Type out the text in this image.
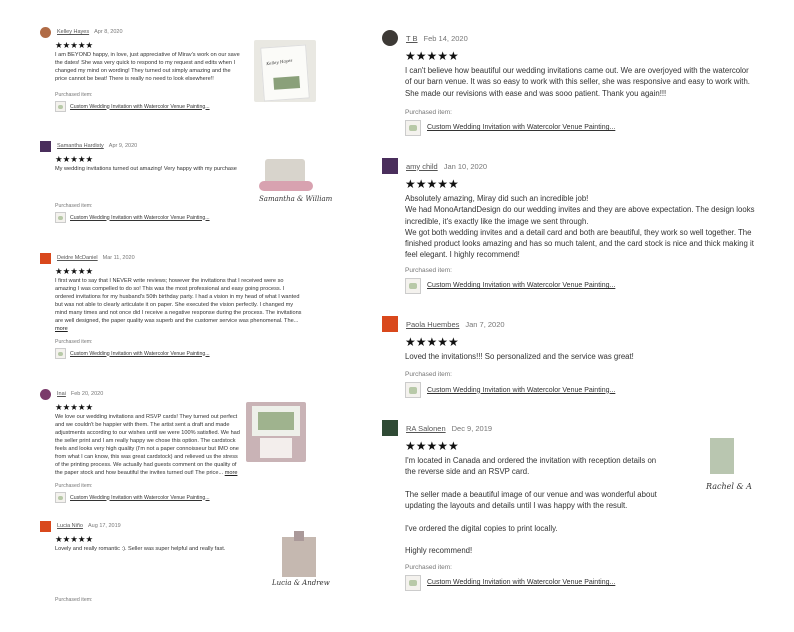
Kelley Hayes Apr 8, 2020
★★★★★
I am BEYOND happy, in love, just appreciative of Mirav's work on our save the dates! She was very quick to respond to my request and edits when I changed my mind on wording! They turned out simply amazing and the price cannot be beat! There is really no need to look elsewhere!!
Purchased item:
Custom Wedding Invitation with Watercolor Venue Painting...
Samantha Hardisty Apr 9, 2020
★★★★★
My wedding invitations turned out amazing! Very happy with my purchase
Purchased item:
Custom Wedding Invitation with Watercolor Venue Painting...
Deidre McDaniel Mar 11, 2020
★★★★★
I first want to say that I NEVER write reviews; however the invitations that I received were so amazing I was compelled to do so! This was the most professional and easy going process. I ordered invitations for my husband's 50th birthday party. I had a vision in my head of what I wanted but was not able to clearly articulate it on paper. She executed the vision perfectly. I changed my mind many times and not once did I receive a negative response during the process. The invitations are well designed, the paper quality was superb and the customer service was phenomenal. The... more
Purchased item:
Custom Wedding Invitation with Watercolor Venue Painting...
Inai Feb 20, 2020
★★★★★
We love our wedding invitations and RSVP cards! They turned out perfect and we couldn't be happier with them. The artist sent a draft and made adjustments according to our wishes until we were 100% satisfied. We had the seller print and I am really happy we chose this option. The cardstock feels and looks very high quality (I'm not a paper connoisseur but IMO one from what I can know, this was great cardstock) and relieved us the stress of the printing process. We actually had guests comment on the quality of the paper stock and how beautiful the invites turned out! The price... more
Purchased item:
Custom Wedding Invitation with Watercolor Venue Painting...
Lucia Niño Aug 17, 2019
★★★★★
Lovely and really romantic :). Seller was super helpful and really fast.
Purchased item:
Kelley Hayes
Samantha & William
Lucia & Andrew
T B Feb 14, 2020
★★★★★
I can't believe how beautiful our wedding invitations came out. We are overjoyed with the watercolor of our barn venue. It was so easy to work with this seller, she was responsive and easy to work with. She made our revisions with ease and was sooo patient. Thank you again!!!
Purchased item:
Custom Wedding Invitation with Watercolor Venue Painting...
amy child Jan 10, 2020
★★★★★
Absolutely amazing, Miray did such an incredible job!
We had MonoArtandDesign do our wedding invites and they are above expectation. The design looks incredible, it's exactly like the image we sent through.
We got both wedding invites and a detail card and both are beautiful, they work so well together. The finished product looks amazing and has so much talent, and the card stock is nice and thick making it feel elegant. I highly recommend!
Purchased item:
Custom Wedding Invitation with Watercolor Venue Painting...
Paola Huembes Jan 7, 2020
★★★★★
Loved the invitations!!! So personalized and the service was great!
Purchased item:
Custom Wedding Invitation with Watercolor Venue Painting...
RA Salonen Dec 9, 2019
★★★★★
I'm located in Canada and ordered the invitation with reception details on the reverse side and an RSVP card.

The seller made a beautiful image of our venue and was wonderful about updating the layouts and details until I was happy with the result.

I've ordered the digital copies to print locally.

Highly recommend!
Purchased item:
Custom Wedding Invitation with Watercolor Venue Painting...
Rachel & A
